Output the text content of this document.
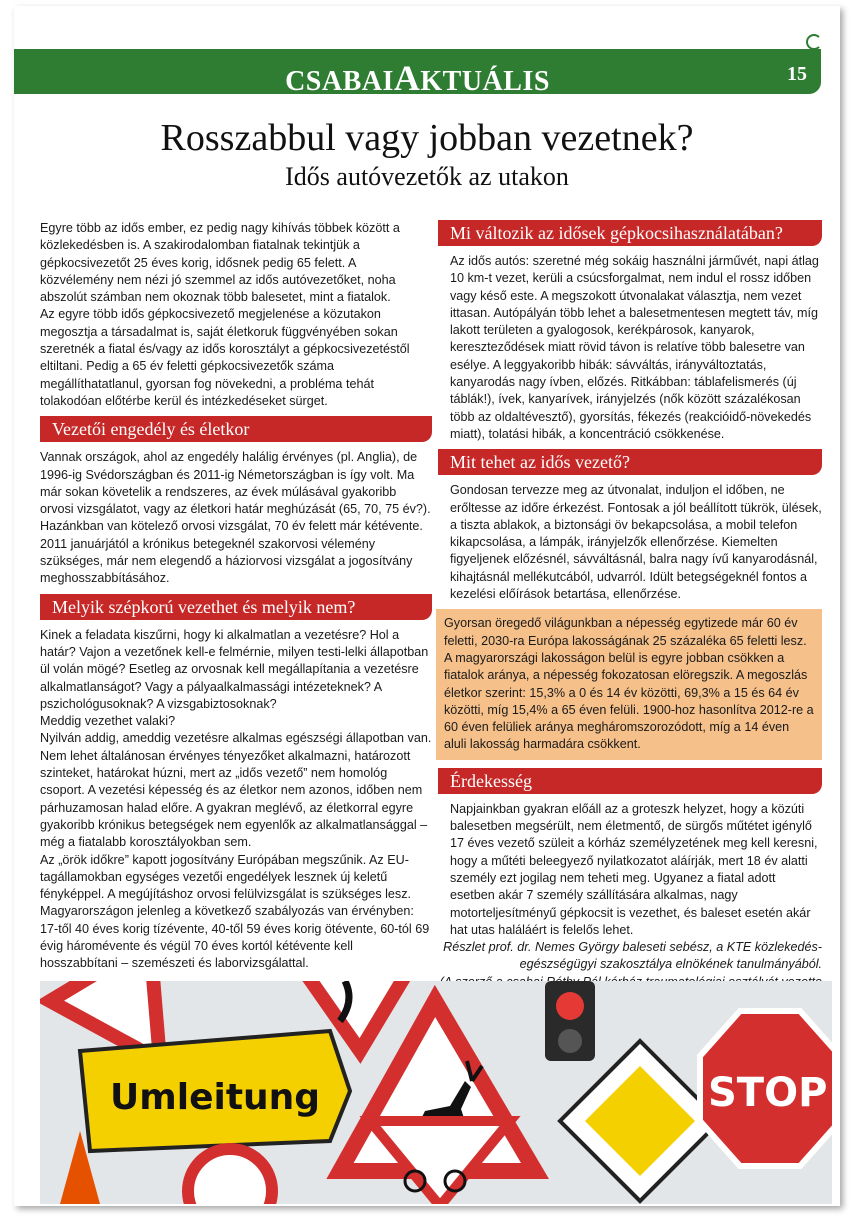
CSABAIAKTUÁLIS	15
Rosszabbul vagy jobban vezetnek?
Idős autóvezetők az utakon

Egyre több az idős ember, ez pedig nagy kihívás többek között a közlekedésben is. A szakirodalomban fiatalnak tekintjük a gépkocsivezetőt 25 éves korig, idősnek pedig 65 felett. A közvélemény nem nézi jó szemmel az idős autóvezetőket, noha abszolút számban nem okoznak több balesetet, mint a fiatalok.

Az egyre több idős gépkocsivezető megjelenése a közutakon megosztja a társadalmat is, saját életkoruk függvényében sokan szeretnék a fiatal és/vagy az idős korosztályt a gépkocsivezetéstől eltiltani. Pedig a 65 év feletti gépkocsivezetők száma megállíthatatlanul, gyorsan fog növekedni, a probléma tehát tolakodóan előtérbe kerül és intézkedéseket sürget.

Vezetői engedély és életkor

Vannak országok, ahol az engedély halálig érvényes (pl. Anglia), de 1996-ig Svédországban és 2011-ig Németországban is így volt. Ma már sokan követelik a rendszeres, az évek múlásával gyakoribb orvosi vizsgálatot, vagy az életkori határ meghúzását (65, 70, 75 év?). Hazánkban van kötelező orvosi vizsgálat, 70 év felett már kétévente. 2011 januárjától a krónikus betegeknél szakorvosi vélemény szükséges, már nem elegendő a háziorvosi vizsgálat a jogosítvány meghosszabbításához.

Melyik szépkorú vezethet és melyik nem?

Kinek a feladata kiszűrni, hogy ki alkalmatlan a vezetésre? Hol a határ? Vajon a vezetőnek kell-e felmérnie, milyen testi-lelki állapotban ül volán mögé? Esetleg az orvosnak kell megállapítania a vezetésre alkalmatlanságot? Vagy a pályaalkalmassági intézeteknek? A pszichológusoknak? A vizsgabiztosoknak?

Meddig vezethet valaki?

Nyilván addig, ameddig vezetésre alkalmas egészségi állapotban van. Nem lehet általánosan érvényes tényezőket alkalmazni, határozott szinteket, határokat húzni, mert az „idős vezető” nem homológ csoport. A vezetési képesség és az életkor nem azonos, időben nem párhuzamosan halad előre. A gyakran meglévő, az életkorral egyre gyakoribb krónikus betegségek nem egyenlők az alkalmatlansággal – még a fiatalabb korosztályokban sem.

Az „örök időkre” kapott jogosítvány Európában megszűnik. Az EU-tagállamokban egységes vezetői engedélyek lesznek új keletű fényképpel. A megújításhoz orvosi felülvizsgálat is szükséges lesz. Magyarországon jelenleg a következő szabályozás van érvényben: 17-től 40 éves korig tízévente, 40-től 59 éves korig ötévente, 60-tól 69 évig háromévente és végül 70 éves kortól kétévente kell hosszabbítani – szemészeti és laborvizsgálattal.

Mi változik az idősek gépkocsihasználatában?

Az idős autós: szeretné még sokáig használni járművét, napi átlag 10 km-t vezet, kerüli a csúcsforgalmat, nem indul el rossz időben vagy késő este. A megszokott útvonalakat választja, nem vezet ittasan. Autópályán több lehet a balesetmentesen megtett táv, míg lakott területen a gyalogosok, kerékpárosok, kanyarok, kereszteződések miatt rövid távon is relatíve több balesetre van esélye. A leggyakoribb hibák: sávváltás, irányváltoztatás, kanyarodás nagy ívben, előzés. Ritkábban: táblafelismerés (új táblák!), ívek, kanyarívek, irányjelzés (nők között százalékosan több az oldaltévesztő), gyorsítás, fékezés (reakcióidő-növekedés miatt), tolatási hibák, a koncentráció csökkenése.

Mit tehet az idős vezető?

Gondosan tervezze meg az útvonalat, induljon el időben, ne erőltesse az időre érkezést. Fontosak a jól beállított tükrök, ülések, a tiszta ablakok, a biztonsági öv bekapcsolása, a mobil telefon kikapcsolása, a lámpák, irányjelzők ellenőrzése. Kiemelten figyeljenek előzésnél, sávváltásnál, balra nagy ívű kanyarodásnál, kihajtásnál mellékutcából, udvarról. Idült betegségeknél fontos a kezelési előírások betartása, ellenőrzése.

Gyorsan öregedő világunkban a népesség egytizede már 60 év feletti, 2030-ra Európa lakosságának 25 százaléka 65 feletti lesz. A magyarországi lakosságon belül is egyre jobban csökken a fiatalok aránya, a népesség fokozatosan elöregszik. A megoszlás életkor szerint: 15,3% a 0 és 14 év közötti, 69,3% a 15 és 64 év közötti, míg 15,4% a 65 éven felüli. 1900-hoz hasonlítva 2012-re a 60 éven felüliek aránya megháromszorozódott, míg a 14 éven aluli lakosság harmadára csökkent.

Érdekesség

Napjainkban gyakran előáll az a groteszk helyzet, hogy a közúti balesetben megsérült, nem életmentő, de sürgős műtétet igénylő 17 éves vezető szüleit a kórház személyzetének meg kell keresni, hogy a műtéti beleegyező nyilatkozatot aláírják, mert 18 év alatti személy ezt jogilag nem teheti meg. Ugyanez a fiatal adott esetben akár 7 személy szállítására alkalmas, nagy motorteljesítményű gépkocsit is vezethet, és baleset esetén akár hat utas haláláért is felelős lehet.

Részlet prof. dr. Nemes György baleseti sebész, a KTE közlekedés-egészségügyi szakosztálya elnökének tanulmányából.

Umleitung	STOP
